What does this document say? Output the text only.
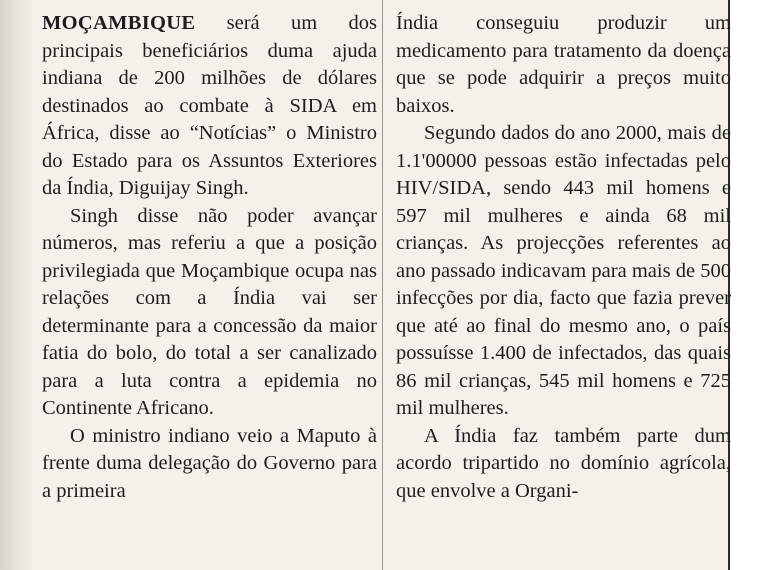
MOÇAMBIQUE será um dos principais beneficiários duma ajuda indiana de 200 milhões de dólares destinados ao combate à SIDA em África, disse ao “Notícias” o Ministro do Estado para os Assuntos Exteriores da Índia, Diguijay Singh.

Singh disse não poder avançar números, mas referiu a que a posição privilegiada que Moçambique ocupa nas relações com a Índia vai ser determinante para a concessão da maior fatia do bolo, do total a ser canalizado para a luta contra a epidemia no Continente Africano.

O ministro indiano veio a Maputo à frente duma delegação do Governo para a primeira

Índia conseguiu produzir um medicamento para tratamento da doença que se pode adquirir a preços muito baixos.

Segundo dados do ano 2000, mais de 1.1'00000 pessoas estão infectadas pelo HIV/SIDA, sendo 443 mil homens e 597 mil mulheres e ainda 68 mil crianças. As projecções referentes ao ano passado indicavam para mais de 500 infecções por dia, facto que fazia prever que até ao final do mesmo ano, o país possuísse 1.400 de infectados, das quais 86 mil crianças, 545 mil homens e 725 mil mulheres.

A Índia faz também parte dum acordo tripartido no domínio agrícola, que envolve a Organi-
